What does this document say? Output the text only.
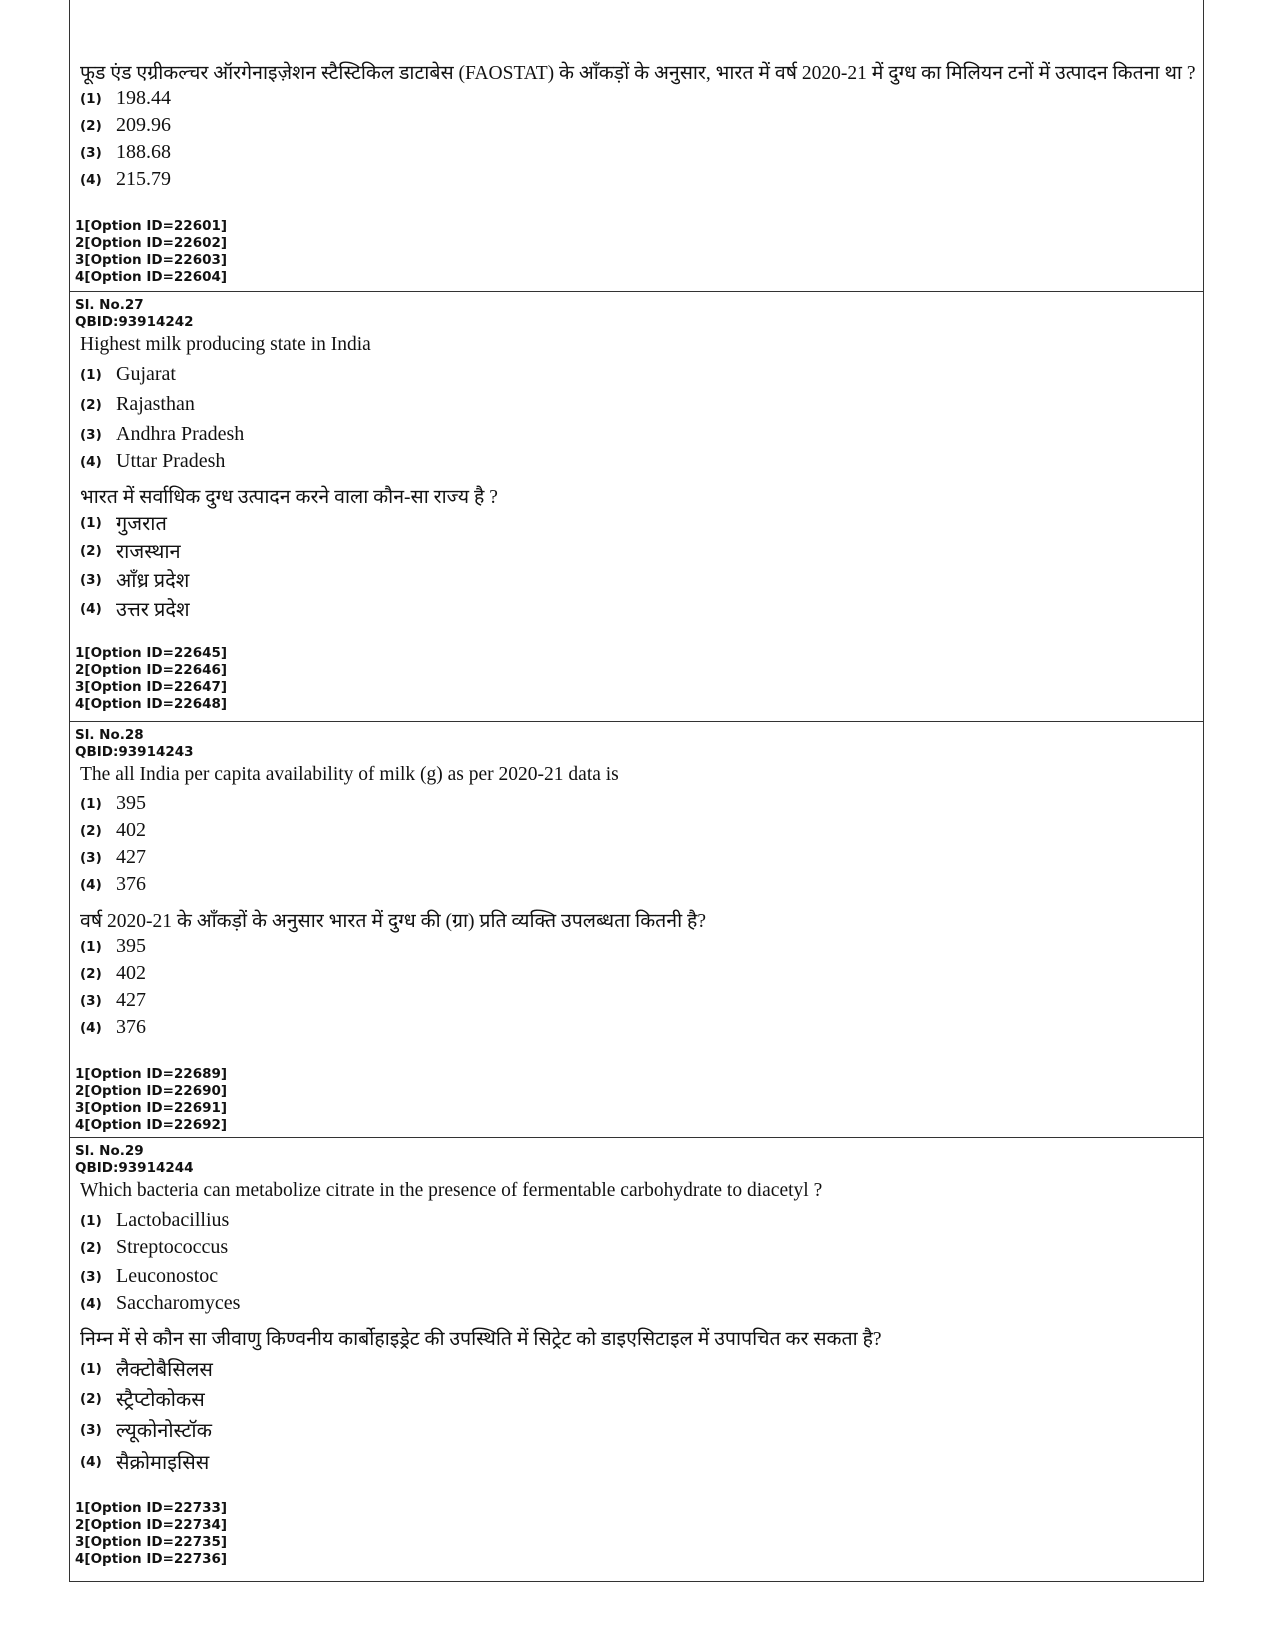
फूड एंड एग्रीकल्चर ऑरगेनाइज़ेशन स्टैस्टिकिल डाटाबेस (FAOSTAT) के आँकड़ों के अनुसार, भारत में वर्ष 2020-21 में दुग्ध का मिलियन टनों में उत्पादन कितना था ?

(1) 198.44
(2) 209.96
(3) 188.68
(4) 215.79
1[Option ID=22601]
2[Option ID=22602]
3[Option ID=22603]
4[Option ID=22604]
Sl. No.27
QBID:93914242

Highest milk producing state in India

(1) Gujarat
(2) Rajasthan
(3) Andhra Pradesh
(4) Uttar Pradesh

भारत में सर्वाधिक दुग्ध उत्पादन करने वाला कौन-सा राज्य है ?

(1) गुजरात
(2) राजस्थान
(3) आँध्र प्रदेश
(4) उत्तर प्रदेश
1[Option ID=22645]
2[Option ID=22646]
3[Option ID=22647]
4[Option ID=22648]
Sl. No.28
QBID:93914243

The all India per capita availability of milk (g) as per 2020-21 data is

(1) 395
(2) 402
(3) 427
(4) 376

वर्ष 2020-21 के आँकड़ों के अनुसार भारत में दुग्ध की (ग्रा) प्रति व्यक्ति उपलब्धता कितनी है?

(1) 395
(2) 402
(3) 427
(4) 376
1[Option ID=22689]
2[Option ID=22690]
3[Option ID=22691]
4[Option ID=22692]
Sl. No.29
QBID:93914244

Which bacteria can metabolize citrate in the presence of fermentable carbohydrate to diacetyl ?

(1) Lactobacillius
(2) Streptococcus
(3) Leuconostoc
(4) Saccharomyces

निम्न में से कौन सा जीवाणु किण्वनीय कार्बोहाइड्रेट की उपस्थिति में सिट्रेट को डाइएसिटाइल में उपापचित कर सकता है?

(1) लैक्टोबैसिलस
(2) स्ट्रैप्टोकोकस
(3) ल्यूकोनोस्टॉक
(4) सैक्रोमाइसिस
1[Option ID=22733]
2[Option ID=22734]
3[Option ID=22735]
4[Option ID=22736]
